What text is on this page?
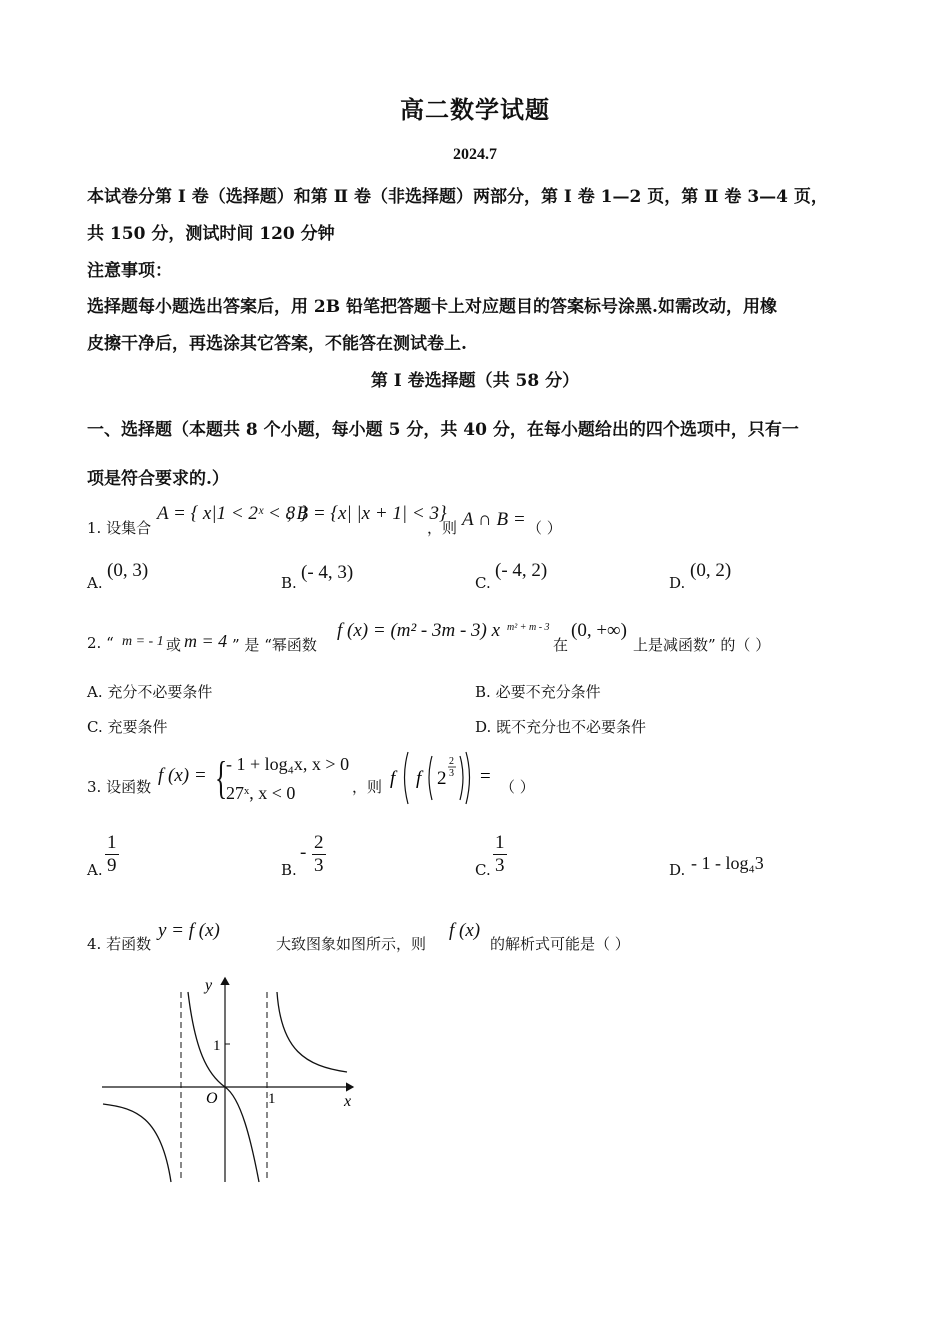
高二数学试题
2024.7
本试卷分第 I 卷（选择题）和第 Ⅱ 卷（非选择题）两部分，第 I 卷 1—2 页，第 Ⅱ 卷 3—4 页，
共 150 分，测试时间 120 分钟
注意事项：
选择题每小题选出答案后，用 2B 铅笔把答题卡上对应题目的答案标号涂黑.如需改动，用橡
皮擦干净后，再选涂其它答案，不能答在测试卷上.
第 I 卷选择题（共 58 分）
一、选择题（本题共 8 个小题，每小题 5 分，共 40 分，在每小题给出的四个选项中，只有一
项是符合要求的.）
1. 设集合
A = { x|1 < 2ˣ < 8 }
, B = {x| |x + 1| < 3}
，则 A ∩ B = （ ）
A.
(0, 3)
B. (- 4, 3)	C.
(- 4, 2)
D.
(0, 2)
2. “ m = - 1 或 m = 4 ” 是 “幂函数
f (x) = (m² - 3m - 3) x m² + m - 3
在
(0, +∞)
上是减函数” 的（ ）
A. 充分不必要条件	B. 必要不充分条件
C. 充要条件	D. 既不充分也不必要条件
3. 设函数
f (x) = {
- 1 + log₄x, x > 0
27ˣ, x < 0	，则 f f 2
2
3 = （ ）
A. $\frac{1}{9}$	B.
- $\frac{2}{3}$	C. $\frac{1}{3}$	D. - 1 - log₄3
4. 若函数
y = f (x)
大致图象如图所示，则
f (x)
的解析式可能是（ ）
y
x
O	1
1
